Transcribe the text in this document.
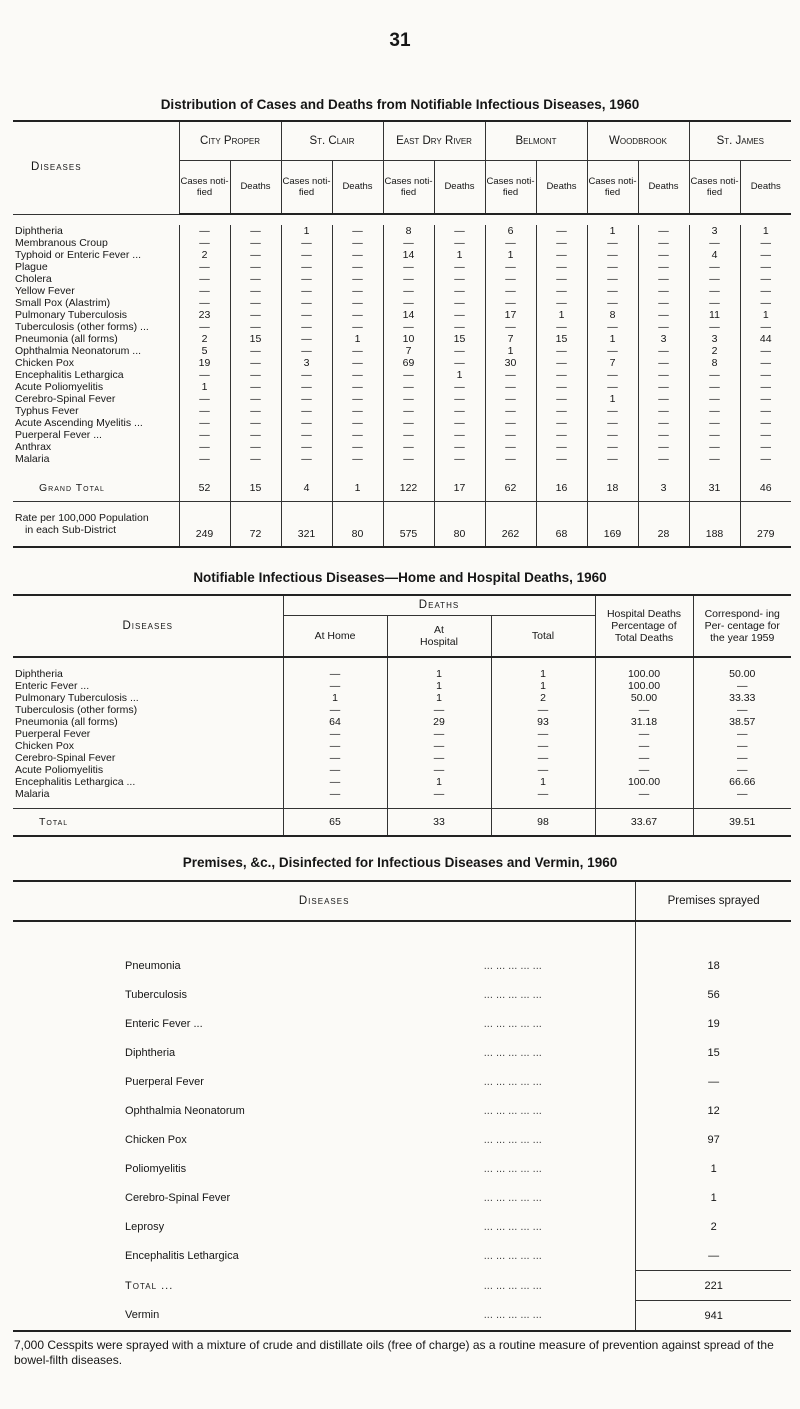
31
Distribution of Cases and Deaths from Notifiable Infectious Diseases, 1960
Diseases	City Proper		St. Clair		East Dry River		Belmont		Woodbrook		St. James	
	Cases noti- fied	Deaths	Cases noti- fied	Deaths	Cases noti- fied	Deaths	Cases noti- fied	Deaths	Cases noti- fied	Deaths	Cases noti- fied	Deaths

Diphtheria	—	—	1	—	8	—	6	—	1	—	3	1
Membranous Croup	—	—	—	—	—	—	—	—	—	—	—	—
Typhoid or Enteric Fever ...	2	—	—	—	14	1	1	—	—	—	4	—
Plague	—	—	—	—	—	—	—	—	—	—	—	—
Cholera	—	—	—	—	—	—	—	—	—	—	—	—
Yellow Fever	—	—	—	—	—	—	—	—	—	—	—	—
Small Pox (Alastrim)	—	—	—	—	—	—	—	—	—	—	—	—
Pulmonary Tuberculosis	23	—	—	—	14	—	17	1	8	—	11	1
Tuberculosis (other forms) ...	—	—	—	—	—	—	—	—	—	—	—	—
Pneumonia (all forms)	2	15	—	1	10	15	7	15	1	3	3	44
Ophthalmia Neonatorum ...	5	—	—	—	7	—	1	—	—	—	2	—
Chicken Pox	19	—	3	—	69	—	30	—	7	—	8	—
Encephalitis Lethargica	—	—	—	—	—	1	—	—	—	—	—	—
Acute Poliomyelitis	1	—	—	—	—	—	—	—	—	—	—	—
Cerebro-Spinal Fever	—	—	—	—	—	—	—	—	1	—	—	—
Typhus Fever	—	—	—	—	—	—	—	—	—	—	—	—
Acute Ascending Myelitis ...	—	—	—	—	—	—	—	—	—	—	—	—
Puerperal Fever ...	—	—	—	—	—	—	—	—	—	—	—	—
Anthrax	—	—	—	—	—	—	—	—	—	—	—	—
Malaria	—	—	—	—	—	—	—	—	—	—	—	—

Grand Total	52	15	4	1	122	17	62	16	18	3	31	46

Rate per 100,000 Population
in each Sub-District	249	72	321	80	575	80	262	68	169	28	188	279
Notifiable Infectious Diseases—Home and Hospital Deaths, 1960
Diseases	Deaths			Hospital Deaths Percentage of Total Deaths	Correspond- ing Per- centage for the year 1959
	At Home	At Hospital	Total		

Diphtheria	—	1	1	100.00	50.00
Enteric Fever ...	—	1	1	100.00	—
Pulmonary Tuberculosis ...	1	1	2	50.00	33.33
Tuberculosis (other forms)	—	—	—	—	—
Pneumonia (all forms)	64	29	93	31.18	38.57
Puerperal Fever	—	—	—	—	—
Chicken Pox	—	—	—	—	—
Cerebro-Spinal Fever	—	—	—	—	—
Acute Poliomyelitis	—	—	—	—	—
Encephalitis Lethargica ...	—	1	1	100.00	66.66
Malaria	—	—	—	—	—

Total	65	33	98	33.67	39.51
Premises, &c., Disinfected for Infectious Diseases and Vermin, 1960
Diseases		Premises sprayed

Pneumonia	... ... ... ... ...	18
Tuberculosis	... ... ... ... ...	56
Enteric Fever ...	... ... ... ... ...	19
Diphtheria	... ... ... ... ...	15
Puerperal Fever	... ... ... ... ...	—
Ophthalmia Neonatorum	... ... ... ... ...	12
Chicken Pox	... ... ... ... ...	97
Poliomyelitis	... ... ... ... ...	1
Cerebro-Spinal Fever	... ... ... ... ...	1
Leprosy	... ... ... ... ...	2
Encephalitis Lethargica	... ... ... ... ...	—
Total ...	... ... ... ... ...	221
Vermin	... ... ... ... ...	941
7,000 Cesspits were sprayed with a mixture of crude and distillate oils (free of charge) as a routine measure of prevention against spread of the bowel-filth diseases.
